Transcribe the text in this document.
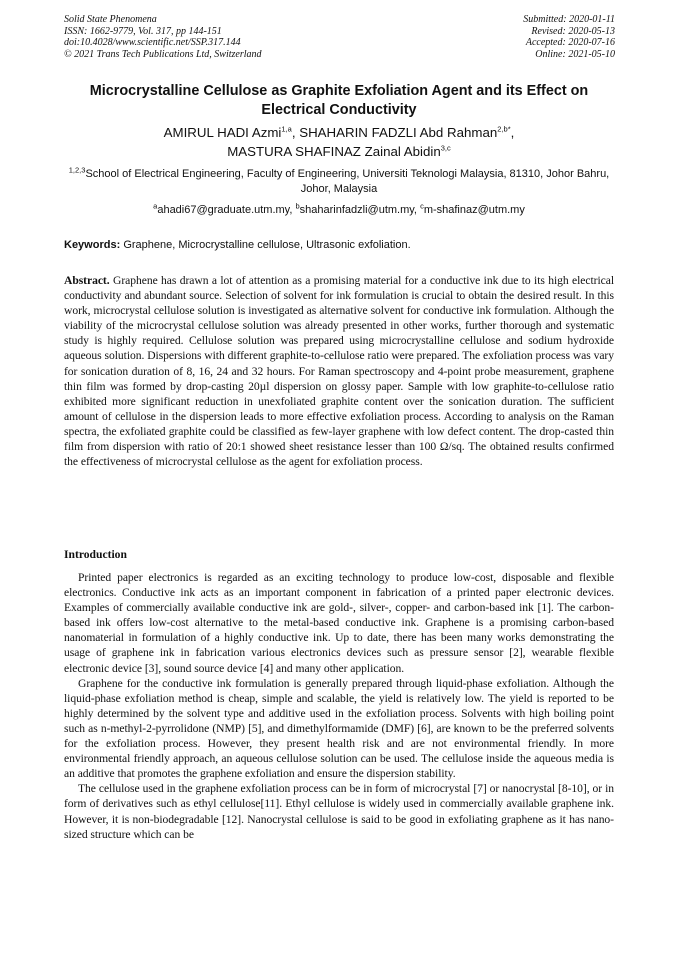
Solid State Phenomena
ISSN: 1662-9779, Vol. 317, pp 144-151
doi:10.4028/www.scientific.net/SSP.317.144
© 2021 Trans Tech Publications Ltd, Switzerland
Submitted: 2020-01-11
Revised: 2020-05-13
Accepted: 2020-07-16
Online: 2021-05-10
Microcrystalline Cellulose as Graphite Exfoliation Agent and its Effect on Electrical Conductivity
AMIRUL HADI Azmi$^{1,a}$, SHAHARIN FADZLI Abd Rahman$^{2,b*}$,
MASTURA SHAFINAZ Zainal Abidin$^{3,c}$
$^{1,2,3}$School of Electrical Engineering, Faculty of Engineering, Universiti Teknologi Malaysia, 81310, Johor Bahru, Johor, Malaysia
$^a$ahadi67@graduate.utm.my, $^b$shaharinfadzli@utm.my, $^c$m-shafinaz@utm.my
Keywords: Graphene, Microcrystalline cellulose, Ultrasonic exfoliation.
Abstract. Graphene has drawn a lot of attention as a promising material for a conductive ink due to its high electrical conductivity and abundant source. Selection of solvent for ink formulation is crucial to obtain the desired result. In this work, microcrystal cellulose solution is investigated as alternative solvent for conductive ink formulation. Although the viability of the microcrystal cellulose solution was already presented in other works, further thorough and systematic study is highly required. Cellulose solution was prepared using microcrystalline cellulose and sodium hydroxide aqueous solution. Dispersions with different graphite-to-cellulose ratio were prepared. The exfoliation process was vary for sonication duration of 8, 16, 24 and 32 hours. For Raman spectroscopy and 4-point probe measurement, graphene thin film was formed by drop-casting 20µl dispersion on glossy paper. Sample with low graphite-to-cellulose ratio exhibited more significant reduction in unexfoliated graphite content over the sonication duration. The sufficient amount of cellulose in the dispersion leads to more effective exfoliation process. According to analysis on the Raman spectra, the exfoliated graphite could be classified as few-layer graphene with low defect content. The drop-casted thin film from dispersion with ratio of 20:1 showed sheet resistance lesser than 100 Ω/sq. The obtained results confirmed the effectiveness of microcrystal cellulose as the agent for exfoliation process.
Introduction

Printed paper electronics is regarded as an exciting technology to produce low-cost, disposable and flexible electronics. Conductive ink acts as an important component in fabrication of a printed paper electronic devices. Examples of commercially available conductive ink are gold-, silver-, copper- and carbon-based ink [1]. The carbon-based ink offers low-cost alternative to the metal-based conductive ink. Graphene is a promising carbon-based nanomaterial in formulation of a highly conductive ink. Up to date, there has been many works demonstrating the usage of graphene ink in fabrication various electronics devices such as pressure sensor [2], wearable flexible electronic device [3], sound source device [4] and many other application.

Graphene for the conductive ink formulation is generally prepared through liquid-phase exfoliation. Although the liquid-phase exfoliation method is cheap, simple and scalable, the yield is relatively low. The yield is reported to be highly determined by the solvent type and additive used in the exfoliation process. Solvents with high boiling point such as n-methyl-2-pyrrolidone (NMP) [5], and dimethylformamide (DMF) [6], are known to be the preferred solvents for the exfoliation process. However, they present health risk and are not environmental friendly. In more environmental friendly approach, an aqueous cellulose solution can be used. The cellulose inside the aqueous media is an additive that promotes the graphene exfoliation and ensure the dispersion stability.

The cellulose used in the graphene exfoliation process can be in form of microcrystal [7] or nanocrystal [8-10], or in form of derivatives such as ethyl cellulose[11]. Ethyl cellulose is widely used in commercially available graphene ink. However, it is non-biodegradable [12]. Nanocrystal cellulose is said to be good in exfoliating graphene as it has nano-sized structure which can be
